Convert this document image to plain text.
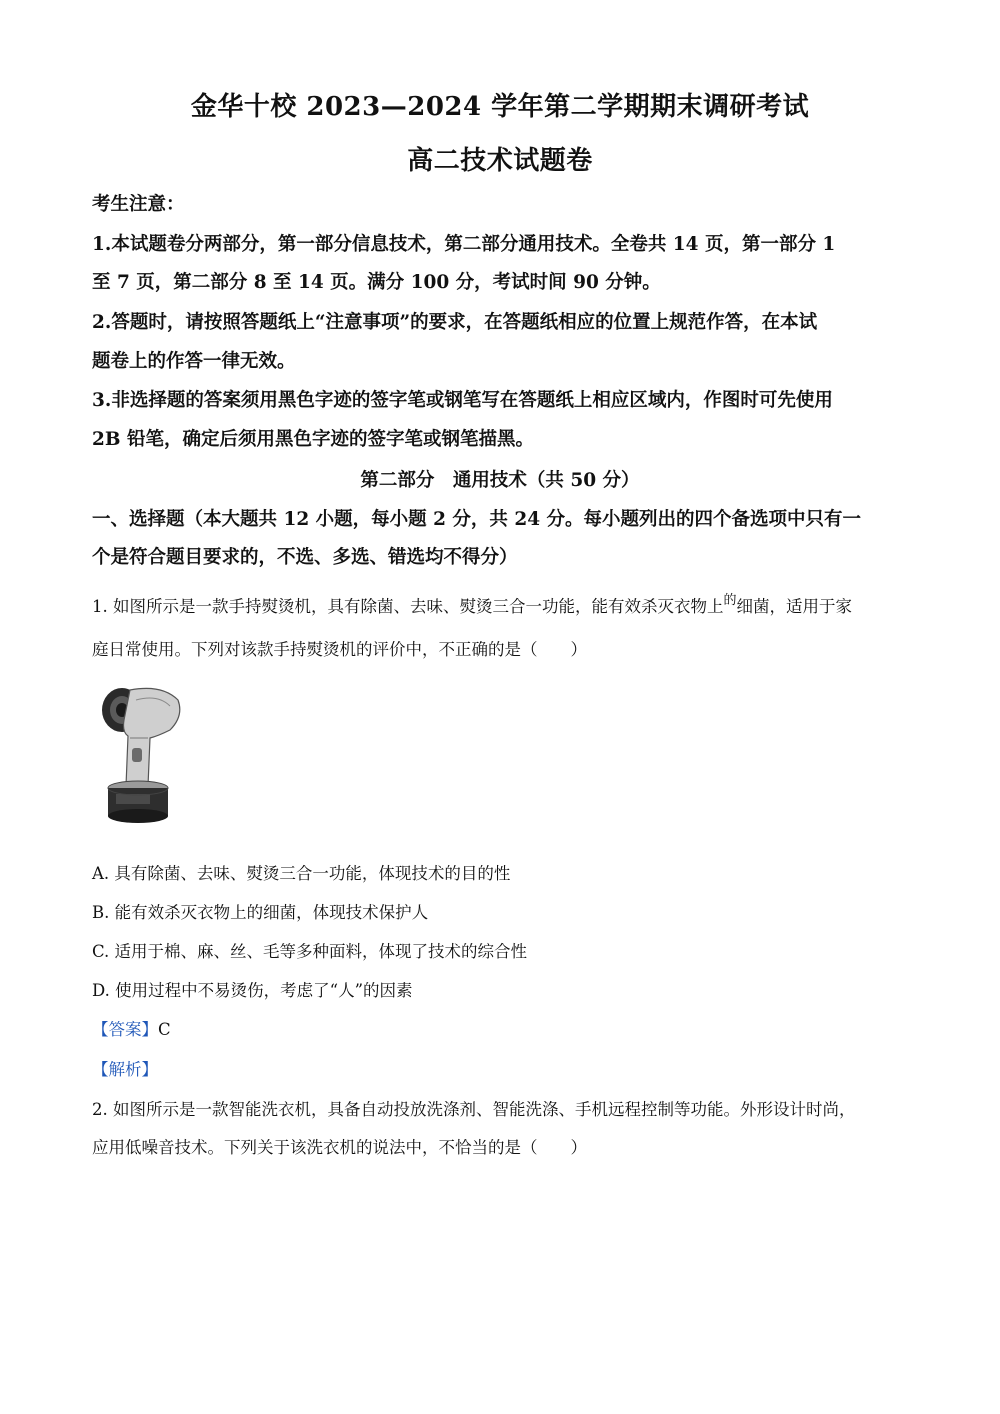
金华十校 2023—2024 学年第二学期期末调研考试
高二技术试题卷
考生注意：
1.本试题卷分两部分，第一部分信息技术，第二部分通用技术。全卷共 14 页，第一部分 1
至 7 页，第二部分 8 至 14 页。满分 100 分，考试时间 90 分钟。
2.答题时，请按照答题纸上“注意事项”的要求，在答题纸相应的位置上规范作答，在本试
题卷上的作答一律无效。
3.非选择题的答案须用黑色字迹的签字笔或钢笔写在答题纸上相应区域内，作图时可先使用
2B 铅笔，确定后须用黑色字迹的签字笔或钢笔描黑。
第二部分　通用技术（共 50 分）
一、选择题（本大题共 12 小题，每小题 2 分，共 24 分。每小题列出的四个备选项中只有一
个是符合题目要求的，不选、多选、错选均不得分）
1. 如图所示是一款手持熨烫机，具有除菌、去味、熨烫三合一功能，能有效杀灭衣物上$^的$细菌，适用于家
庭日常使用。下列对该款手持熨烫机的评价中，不正确的是（　　）
A. 具有除菌、去味、熨烫三合一功能，体现技术的目的性
B. 能有效杀灭衣物上的细菌，体现技术保护人
C. 适用于棉、麻、丝、毛等多种面料，体现了技术的综合性
D. 使用过程中不易烫伤，考虑了“人”的因素
【答案】C
【解析】
2. 如图所示是一款智能洗衣机，具备自动投放洗涤剂、智能洗涤、手机远程控制等功能。外形设计时尚，
应用低噪音技术。下列关于该洗衣机的说法中，不恰当的是（　　）
